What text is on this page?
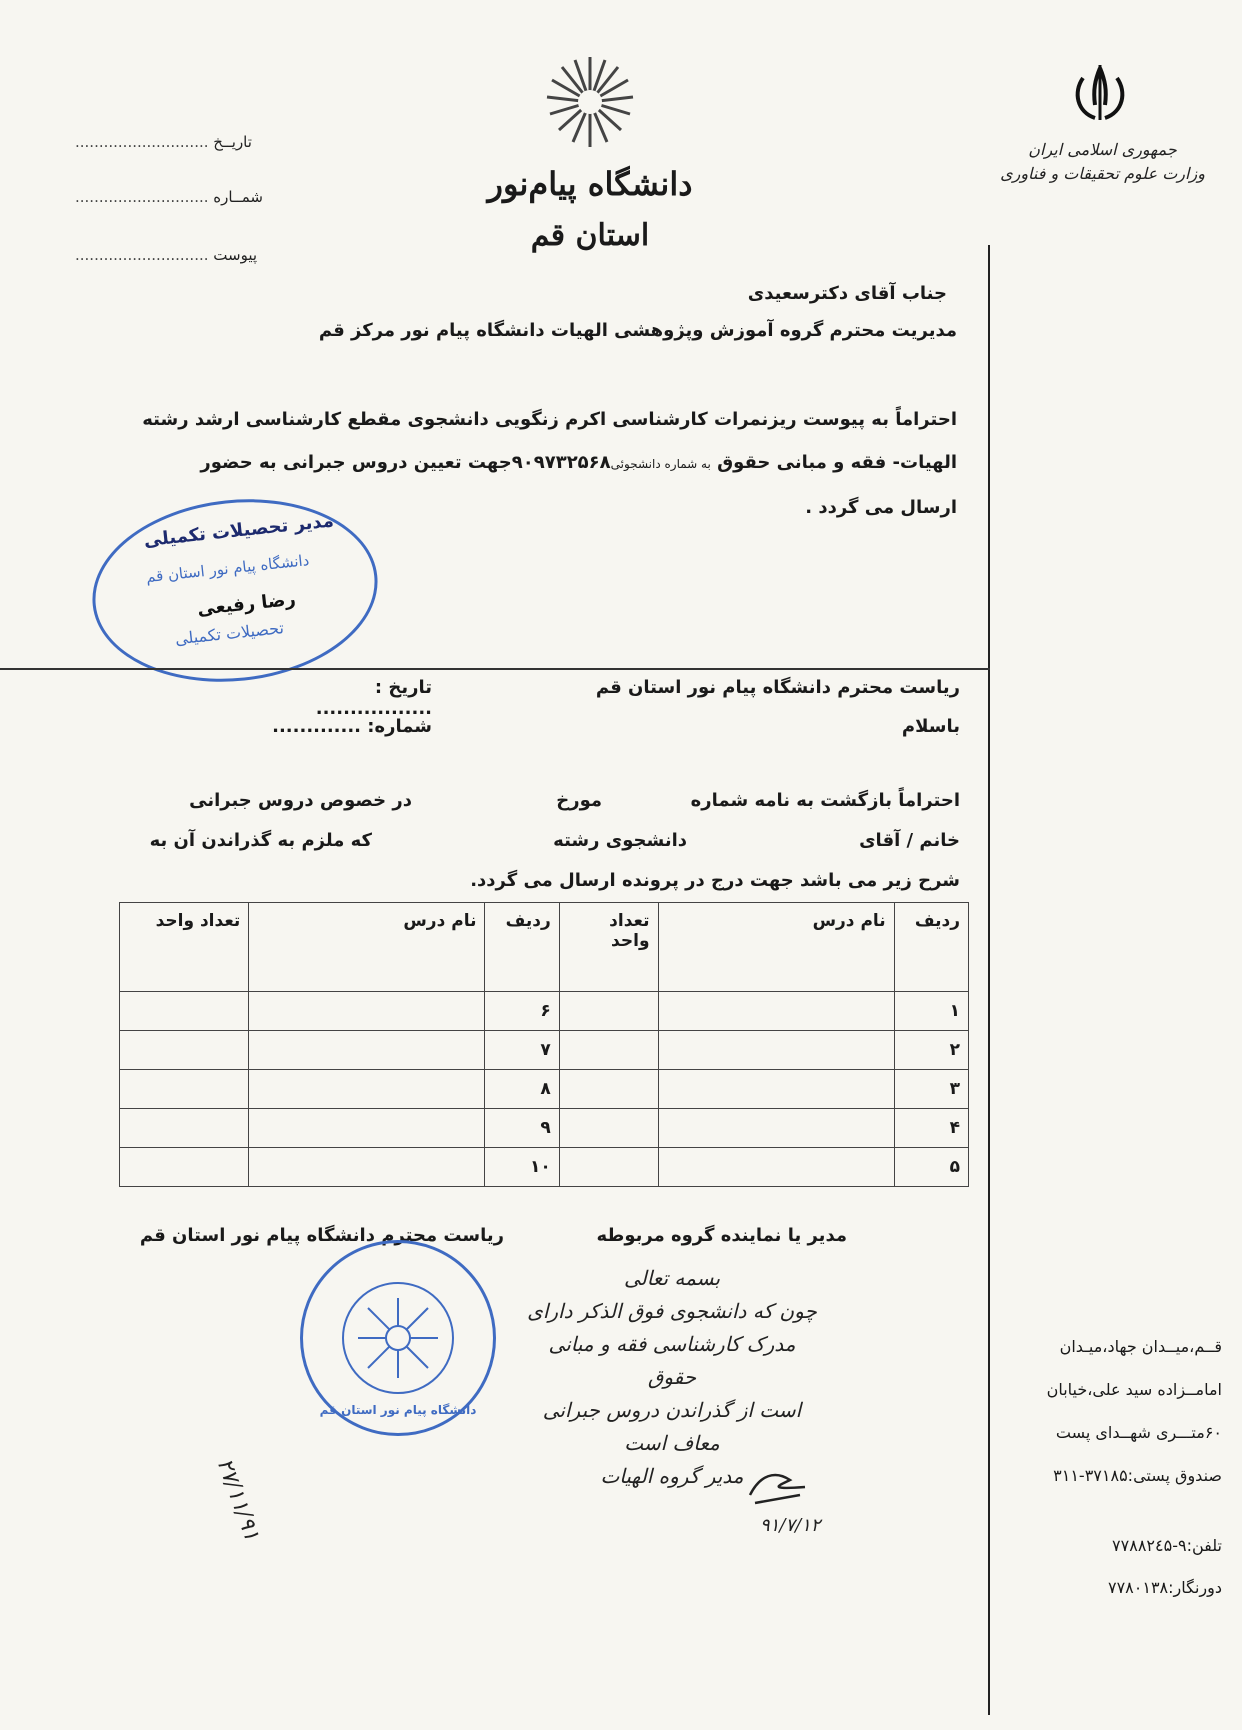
جمهوری اسلامی ایران
وزارت علوم تحقیقات و فناوری
دانشگاه پیام‌نور
استان قم
تاریــخ ............................
شمــاره ............................
پیوست ............................
جناب آقای دکترسعیدی
مدیریت محترم گروه آموزش وپژوهشی الهیات دانشگاه پیام نور مرکز قم
احتراماً به پیوست ریزنمرات کارشناسی اکرم زنگویی دانشجوی مقطع کارشناسی ارشد رشته
الهیات- فقه و مبانی حقوق به شماره دانشجوئی۹۰۹۷۳۲۵۶۸جهت تعیین دروس جبرانی به حضور
ارسال می گردد .
مدیر تحصیلات تکمیلی
دانشگاه پیام نور استان قم
رضا رفیعی
تحصیلات تکمیلی
ریاست محترم دانشگاه پیام نور استان قم
باسلام
تاریخ : .................
شماره: .............
احتراماً بازگشت به نامه شماره
مورخ
در خصوص دروس جبرانی
خانم / آقای
دانشجوی رشته
که ملزم به گذراندن آن به
شرح زیر می باشد جهت درج در پرونده ارسال می گردد.
ردیف	نام درس	تعداد واحد	ردیف	نام درس	تعداد واحد
۱			۶		
۲			۷		
۳			۸		
۴			۹		
۵			۱۰		
مدیر یا نماینده گروه مربوطه
ریاست محترم دانشگاه پیام نور استان قم
بسمه تعالی
چون که دانشجوی فوق الذکر دارای
مدرک کارشناسی فقه و مبانی حقوق
است از گذراندن دروس جبرانی
معاف است
مدیر گروه الهیات
۹۱/۷/۱۲
دانشگاه پیام نور استان قم
۲۷/۱۱/۹۱
قــم،میــدان جهاد،میـدان
امامــزاده سید علی،خیابان
۶۰متـــری شهــدای پست
صندوق پستی:۳۷۱۸۵-۳۱۱
تلفن:۹-۷۷۸۸۲٤۵
دورنگار:۷۷۸۰۱۳۸
